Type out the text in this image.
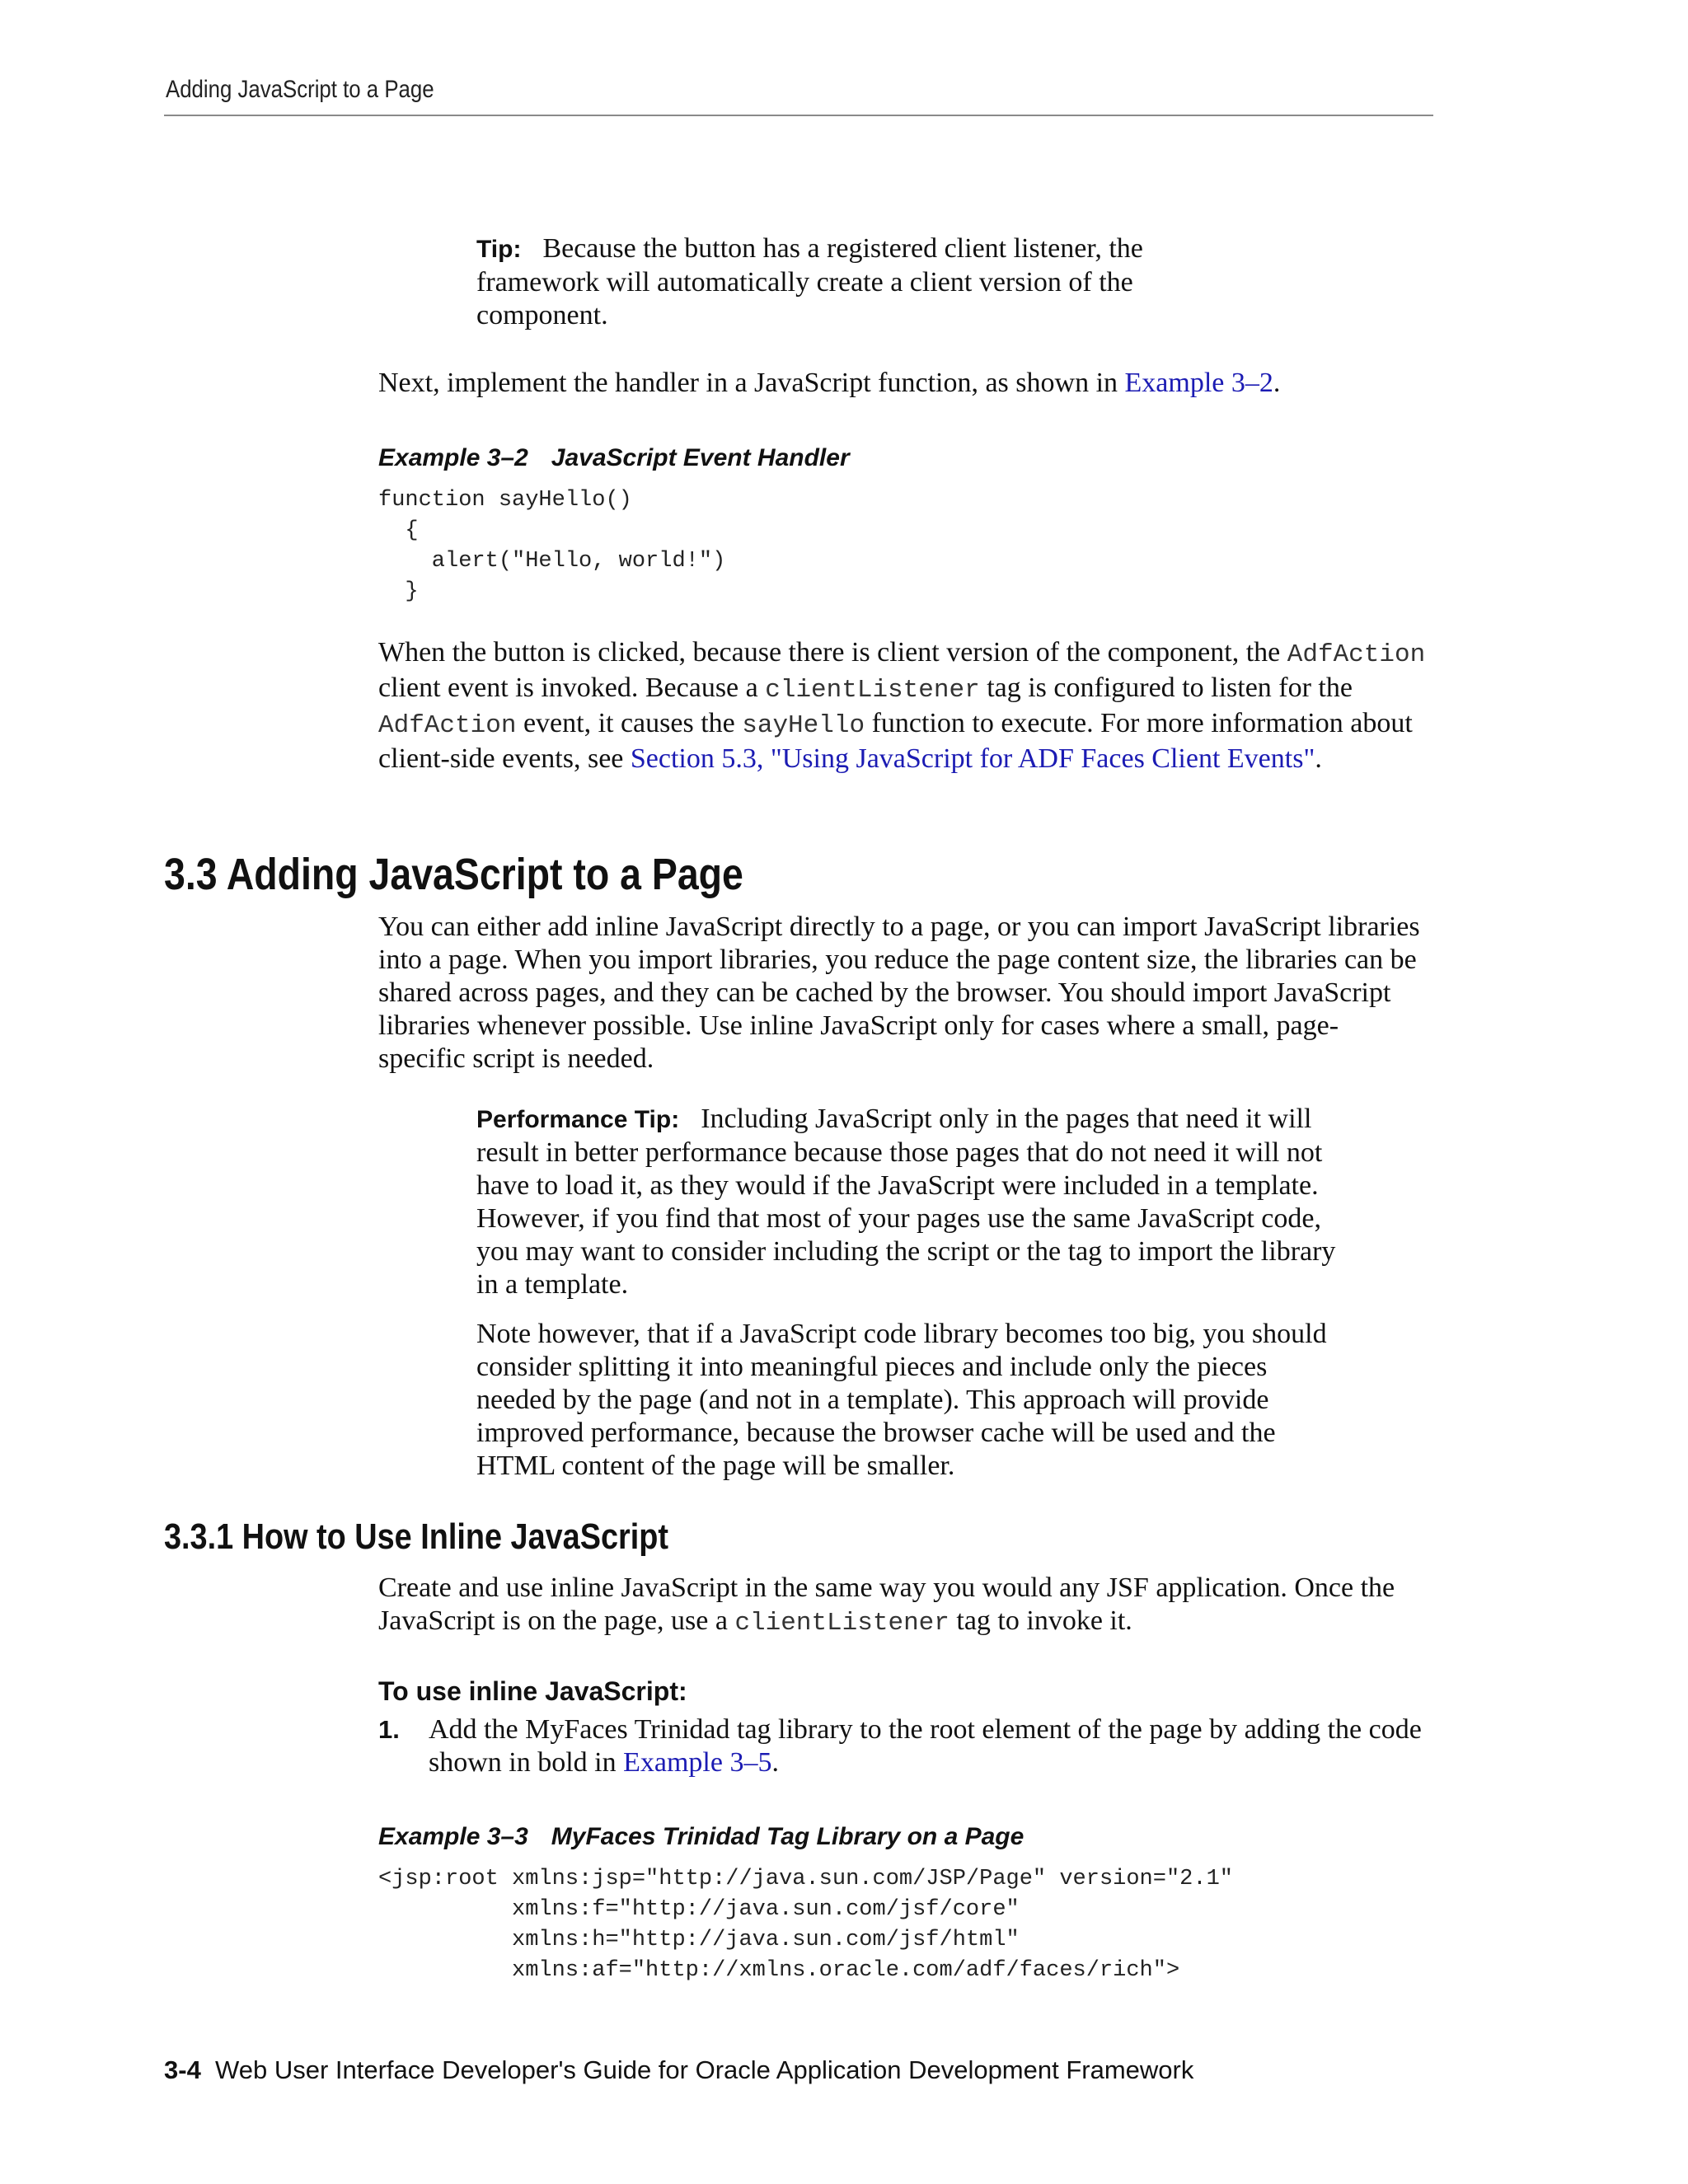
Adding JavaScript to a Page

Tip: Because the button has a registered client listener, the framework will automatically create a client version of the component.

Next, implement the handler in a JavaScript function, as shown in Example 3–2.

Example 3–2 JavaScript Event Handler
function sayHello()
{
alert("Hello, world!")
}

When the button is clicked, because there is client version of the component, the AdfAction client event is invoked. Because a clientListener tag is configured to listen for the AdfAction event, it causes the sayHello function to execute. For more information about client-side events, see Section 5.3, "Using JavaScript for ADF Faces Client Events".

3.3 Adding JavaScript to a Page

You can either add inline JavaScript directly to a page, or you can import JavaScript libraries into a page. When you import libraries, you reduce the page content size, the libraries can be shared across pages, and they can be cached by the browser. You should import JavaScript libraries whenever possible. Use inline JavaScript only for cases where a small, page-specific script is needed.

Performance Tip: Including JavaScript only in the pages that need it will result in better performance because those pages that do not need it will not have to load it, as they would if the JavaScript were included in a template. However, if you find that most of your pages use the same JavaScript code, you may want to consider including the script or the tag to import the library in a template.

Note however, that if a JavaScript code library becomes too big, you should consider splitting it into meaningful pieces and include only the pieces needed by the page (and not in a template). This approach will provide improved performance, because the browser cache will be used and the HTML content of the page will be smaller.

3.3.1 How to Use Inline JavaScript

Create and use inline JavaScript in the same way you would any JSF application. Once the JavaScript is on the page, use a clientListener tag to invoke it.

To use inline JavaScript:
1. Add the MyFaces Trinidad tag library to the root element of the page by adding the code shown in bold in Example 3–5.

Example 3–3 MyFaces Trinidad Tag Library on a Page
<jsp:root xmlns:jsp="http://java.sun.com/JSP/Page" version="2.1"
xmlns:f="http://java.sun.com/jsf/core"
xmlns:h="http://java.sun.com/jsf/html"
xmlns:af="http://xmlns.oracle.com/adf/faces/rich">
3-4 Web User Interface Developer's Guide for Oracle Application Development Framework
